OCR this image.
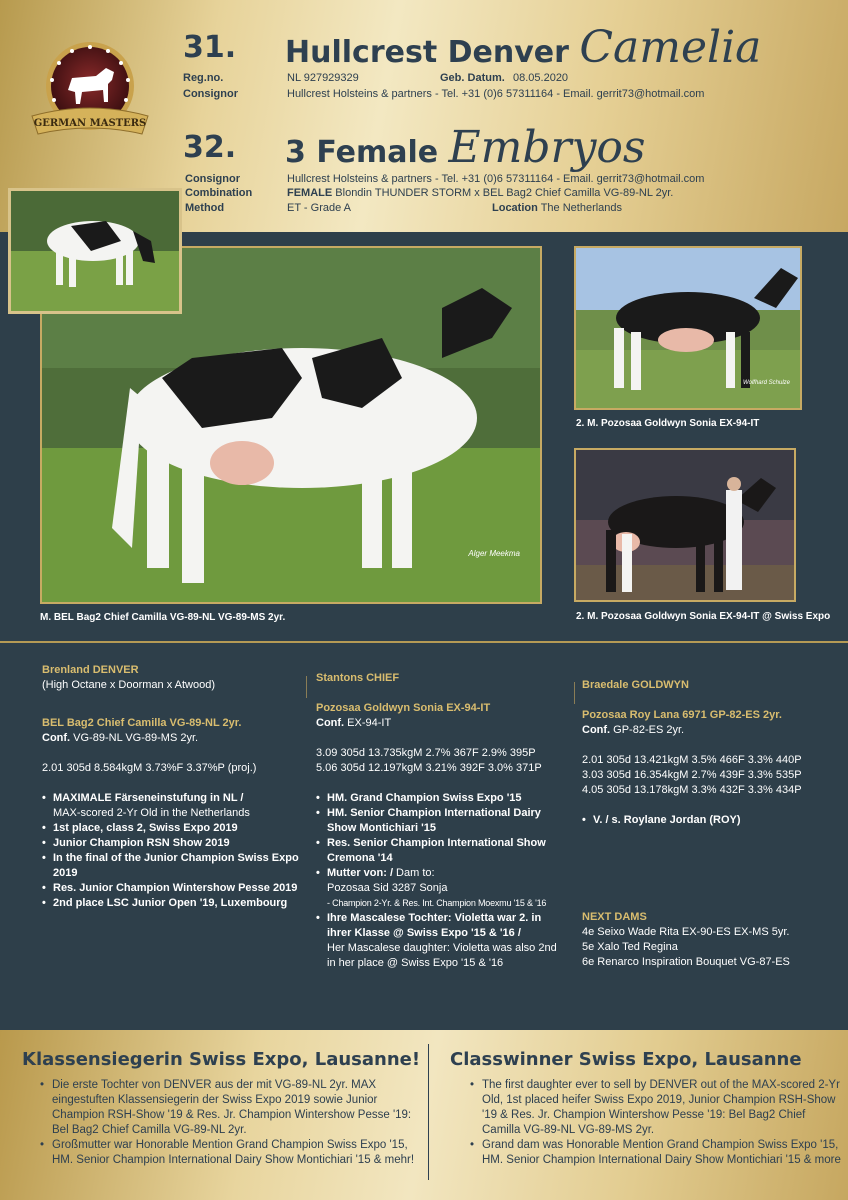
GERMAN MASTERS
31. Hullcrest Denver Camelia
Reg.no.	NL 927929329	Geb. Datum. 08.05.2020
Consignor	Hullcrest Holsteins & partners - Tel. +31 (0)6 57311164 - Email. gerrit73@hotmail.com
32. 3 Female Embryos
Consignor	Hullcrest Holsteins & partners - Tel. +31 (0)6 57311164 - Email. gerrit73@hotmail.com
Combination	FEMALE Blondin THUNDER STORM x BEL Bag2 Chief Camilla VG-89-NL 2yr.
Method	ET - Grade A	Location The Netherlands
Alger Meekma
Wolfhard Schulze
M. BEL Bag2 Chief Camilla VG-89-NL VG-89-MS 2yr.
2. M. Pozosaa Goldwyn Sonia EX-94-IT
2. M. Pozosaa Goldwyn Sonia EX-94-IT @ Swiss Expo
Brenland DENVER
(High Octane x Doorman x Atwood)
BEL Bag2 Chief Camilla VG-89-NL 2yr.
Conf. VG-89-NL VG-89-MS 2yr.
2.01 305d 8.584kgM 3.73%F 3.37%P (proj.)
• MAXIMALE Färseneinstufung in NL /
MAX-scored 2-Yr Old in the Netherlands
• 1st place, class 2, Swiss Expo 2019
• Junior Champion RSN Show 2019
• In the final of the Junior Champion Swiss Expo 2019
• Res. Junior Champion Wintershow Pesse 2019
• 2nd place LSC Junior Open '19, Luxembourg
Stantons CHIEF
Pozosaa Goldwyn Sonia EX-94-IT
Conf. EX-94-IT
3.09 305d 13.735kgM 2.7% 367F 2.9% 395P
5.06 305d 12.197kgM 3.21% 392F 3.0% 371P
• HM. Grand Champion Swiss Expo '15
• HM. Senior Champion International Dairy Show Montichiari '15
• Res. Senior Champion International Show Cremona '14
• Mutter von: / Dam to:
Pozosaa Sid 3287 Sonja
- Champion 2-Yr. & Res. Int. Champion Moexmu '15 & '16
• Ihre Mascalese Tochter: Violetta war 2. in ihrer Klasse @ Swiss Expo '15 & '16 /
Her Mascalese daughter: Violetta was also 2nd in her place @ Swiss Expo '15 & '16
Braedale GOLDWYN
Pozosaa Roy Lana 6971 GP-82-ES 2yr.
Conf. GP-82-ES 2yr.
2.01 305d 13.421kgM 3.5% 466F 3.3% 440P
3.03 305d 16.354kgM 2.7% 439F 3.3% 535P
4.05 305d 13.178kgM 3.3% 432F 3.3% 434P
• V. / s. Roylane Jordan (ROY)
NEXT DAMS
4e Seixo Wade Rita EX-90-ES EX-MS 5yr.
5e Xalo Ted Regina
6e Renarco Inspiration Bouquet VG-87-ES
Klassensiegerin Swiss Expo, Lausanne!
• Die erste Tochter von DENVER aus der mit VG-89-NL 2yr. MAX eingestuften Klassensiegerin der Swiss Expo 2019 sowie Junior Champion RSH-Show '19 & Res. Jr. Champion Wintershow Pesse '19: Bel Bag2 Chief Camilla VG-89-NL 2yr.
• Großmutter war Honorable Mention Grand Champion Swiss Expo '15, HM. Senior Champion International Dairy Show Montichiari '15 & mehr!
Classwinner Swiss Expo, Lausanne
• The first daughter ever to sell by DENVER out of the MAX-scored 2-Yr Old, 1st placed heifer Swiss Expo 2019, Junior Champion RSH-Show '19 & Res. Jr. Champion Wintershow Pesse '19: Bel Bag2 Chief Camilla VG-89-NL VG-89-MS 2yr.
• Grand dam was Honorable Mention Grand Champion Swiss Expo '15, HM. Senior Champion International Dairy Show Montichiari '15 & more
